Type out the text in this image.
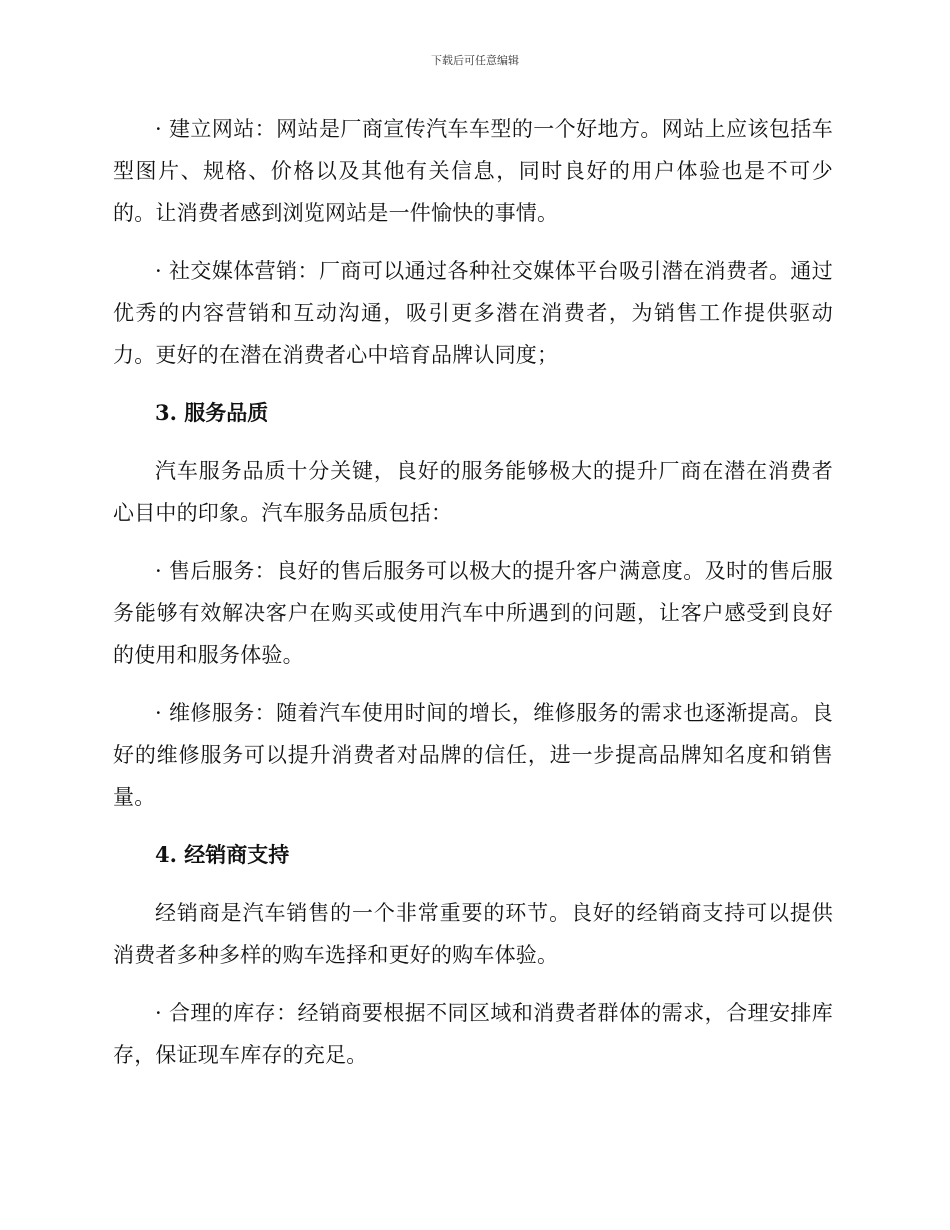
下载后可任意编辑

· 建立网站：网站是厂商宣传汽车车型的一个好地方。网站上应该包括车型图片、规格、价格以及其他有关信息，同时良好的用户体验也是不可少的。让消费者感到浏览网站是一件愉快的事情。

· 社交媒体营销：厂商可以通过各种社交媒体平台吸引潜在消费者。通过优秀的内容营销和互动沟通，吸引更多潜在消费者，为销售工作提供驱动力。更好的在潜在消费者心中培育品牌认同度；

3. 服务品质

汽车服务品质十分关键，良好的服务能够极大的提升厂商在潜在消费者心目中的印象。汽车服务品质包括：

· 售后服务：良好的售后服务可以极大的提升客户满意度。及时的售后服务能够有效解决客户在购买或使用汽车中所遇到的问题，让客户感受到良好的使用和服务体验。

· 维修服务：随着汽车使用时间的增长，维修服务的需求也逐渐提高。良好的维修服务可以提升消费者对品牌的信任，进一步提高品牌知名度和销售量。

4. 经销商支持

经销商是汽车销售的一个非常重要的环节。良好的经销商支持可以提供消费者多种多样的购车选择和更好的购车体验。

· 合理的库存：经销商要根据不同区域和消费者群体的需求，合理安排库存，保证现车库存的充足。
